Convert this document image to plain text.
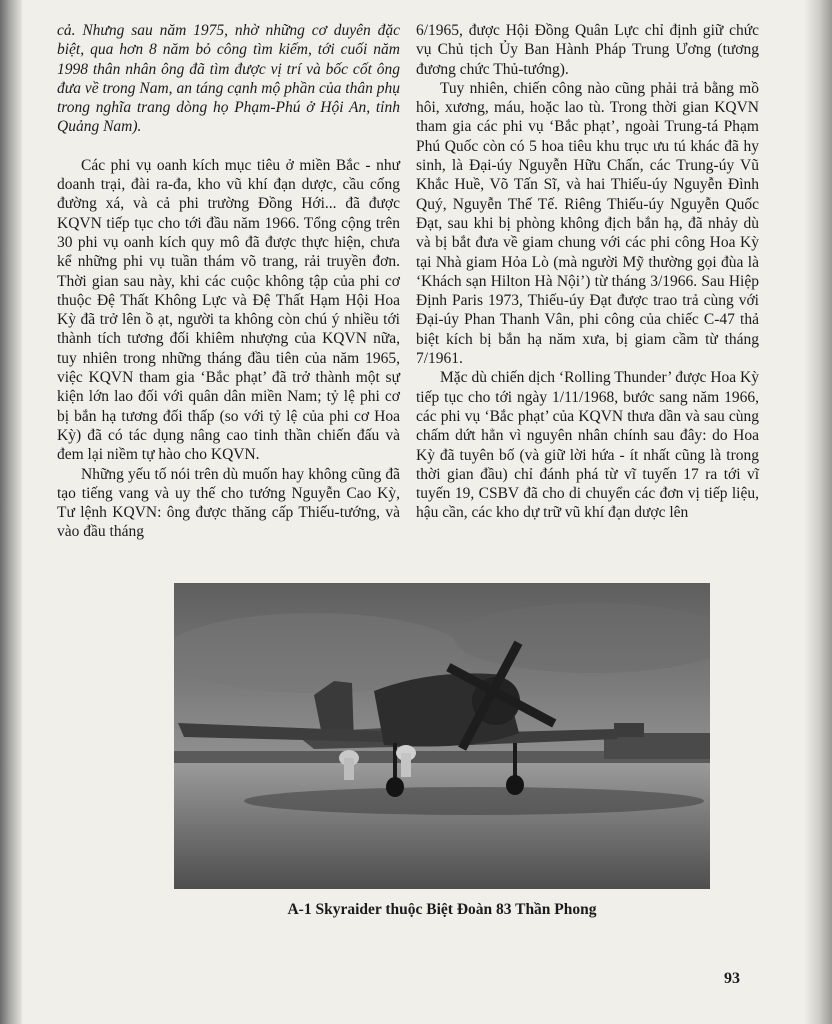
cả. Nhưng sau năm 1975, nhờ những cơ duyên đặc biệt, qua hơn 8 năm bỏ công tìm kiếm, tới cuối năm 1998 thân nhân ông đã tìm được vị trí và bốc cốt ông đưa về trong Nam, an táng cạnh mộ phần của thân phụ trong nghĩa trang dòng họ Phạm-Phú ở Hội An, tỉnh Quảng Nam).

Các phi vụ oanh kích mục tiêu ở miền Bắc - như doanh trại, đài ra-đa, kho vũ khí đạn dược, cầu cống đường xá, và cả phi trường Đồng Hới... đã được KQVN tiếp tục cho tới đầu năm 1966. Tổng cộng trên 30 phi vụ oanh kích quy mô đã được thực hiện, chưa kể những phi vụ tuần thám võ trang, rải truyền đơn. Thời gian sau này, khi các cuộc không tập của phi cơ thuộc Đệ Thất Không Lực và Đệ Thất Hạm Hội Hoa Kỳ đã trở lên ồ ạt, người ta không còn chú ý nhiều tới thành tích tương đối khiêm nhượng của KQVN nữa, tuy nhiên trong những tháng đầu tiên của năm 1965, việc KQVN tham gia ‘Bắc phạt’ đã trở thành một sự kiện lớn lao đối với quân dân miền Nam; tỷ lệ phi cơ bị bắn hạ tương đối thấp (so với tỷ lệ của phi cơ Hoa Kỳ) đã có tác dụng nâng cao tinh thần chiến đấu và đem lại niềm tự hào cho KQVN.

Những yếu tố nói trên dù muốn hay không cũng đã tạo tiếng vang và uy thế cho tướng Nguyễn Cao Kỳ, Tư lệnh KQVN: ông được thăng cấp Thiếu-tướng, và vào đầu tháng

6/1965, được Hội Đồng Quân Lực chỉ định giữ chức vụ Chủ tịch Ủy Ban Hành Pháp Trung Ương (tương đương chức Thủ-tướng).

Tuy nhiên, chiến công nào cũng phải trả bằng mồ hôi, xương, máu, hoặc lao tù. Trong thời gian KQVN tham gia các phi vụ ‘Bắc phạt’, ngoài Trung-tá Phạm Phú Quốc còn có 5 hoa tiêu khu trục ưu tú khác đã hy sinh, là Đại-úy Nguyễn Hữu Chấn, các Trung-úy Vũ Khắc Huề, Võ Tấn Sĩ, và hai Thiếu-úy Nguyễn Đình Quý, Nguyễn Thế Tế. Riêng Thiếu-úy Nguyễn Quốc Đạt, sau khi bị phòng không địch bắn hạ, đã nhảy dù và bị bắt đưa về giam chung với các phi công Hoa Kỳ tại Nhà giam Hỏa Lò (mà người Mỹ thường gọi đùa là ‘Khách sạn Hilton Hà Nội’) từ tháng 3/1966. Sau Hiệp Định Paris 1973, Thiếu-úy Đạt được trao trả cùng với Đại-úy Phan Thanh Vân, phi công của chiếc C-47 thả biệt kích bị bắn hạ năm xưa, bị giam cầm từ tháng 7/1961.

Mặc dù chiến dịch ‘Rolling Thunder’ được Hoa Kỳ tiếp tục cho tới ngày 1/11/1968, bước sang năm 1966, các phi vụ ‘Bắc phạt’ của KQVN thưa dần và sau cùng chấm dứt hẳn vì nguyên nhân chính sau đây: do Hoa Kỳ đã tuyên bố (và giữ lời hứa - ít nhất cũng là trong thời gian đầu) chỉ đánh phá từ vĩ tuyến 17 ra tới vĩ tuyến 19, CSBV đã cho di chuyển các đơn vị tiếp liệu, hậu cần, các kho dự trữ vũ khí đạn dược lên

A-1 Skyraider thuộc Biệt Đoàn 83 Thần Phong
93
